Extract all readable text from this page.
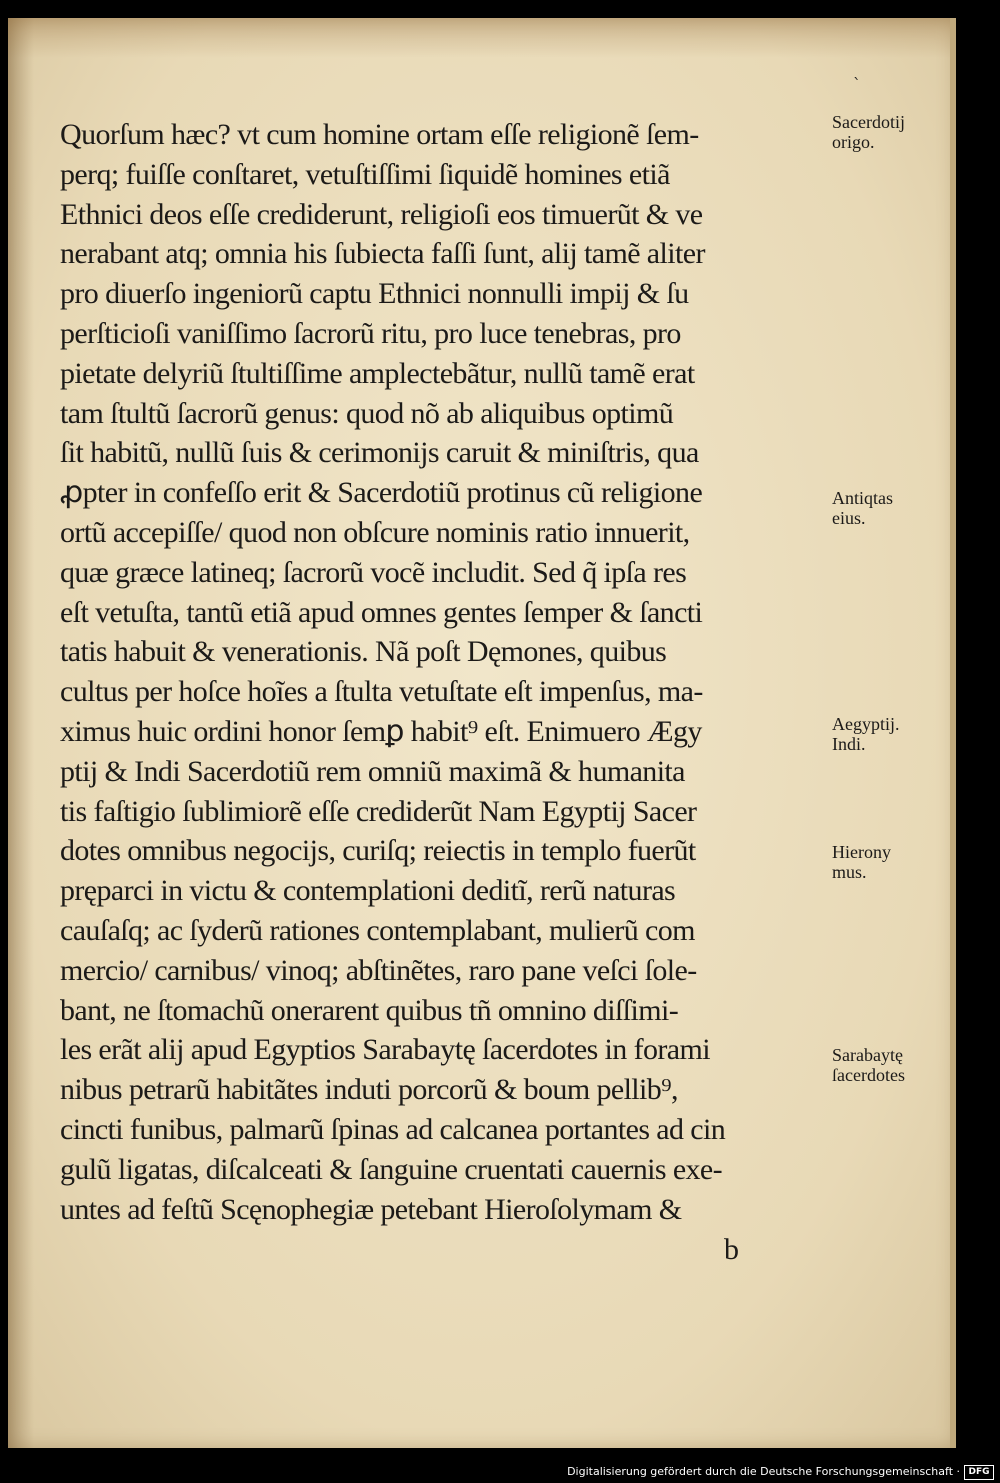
ˋ
Quorſum hæc? vt cum homine ortam eſſe religionẽ ſem-
perq; fuiſſe conſtaret, vetuſtiſſimi ſiquidẽ homines etiã
Ethnici deos eſſe crediderunt, religioſi eos timuerũt & ve
nerabant atq; omnia his ſubiecta faſſi ſunt, alij tamẽ aliter
pro diuerſo ingeniorũ captu Ethnici nonnulli impij & ſu
perſticioſi vaniſſimo ſacrorũ ritu, pro luce tenebras, pro
pietate delyriũ ſtultiſſime amplectebãtur, nullũ tamẽ erat
tam ſtultũ ſacrorũ genus: quod nõ ab aliquibus optimũ
ſit habitũ, nullũ ſuis & cerimonijs caruit & miniſtris, qua
ꝓpter in confeſſo erit & Sacerdotiũ protinus cũ religione
ortũ accepiſſe/ quod non obſcure nominis ratio innuerit,
quæ græce latineq; ſacrorũ vocẽ includit. Sed q̃ ipſa res
eſt vetuſta, tantũ etiã apud omnes gentes ſemper & ſancti
tatis habuit & venerationis. Nã poſt Dęmones, quibus
cultus per hoſce hoĩes a ſtulta vetuſtate eſt impenſus, ma-
ximus huic ordini honor ſemꝑ habit⁹ eſt. Enimuero Ægy
ptij & Indi Sacerdotiũ rem omniũ maximã & humanita
tis faſtigio ſublimiorẽ eſſe crediderũt Nam Egyptij Sacer
dotes omnibus negocijs, curiſq; reiectis in templo fuerũt
pręparci in victu & contemplationi deditĩ, rerũ naturas
cauſaſq; ac ſyderũ rationes contemplabant, mulierũ com
mercio/ carnibus/ vinoq; abſtinẽtes, raro pane veſci ſole-
bant, ne ſtomachũ onerarent quibus tñ omnino diſſimi-
les erãt alij apud Egyptios Sarabaytę ſacerdotes in forami
nibus petrarũ habitãtes induti porcorũ & boum pellib⁹,
cincti funibus, palmarũ ſpinas ad calcanea portantes ad cin
gulũ ligatas, diſcalceati & ſanguine cruentati cauernis exe-
untes ad feſtũ Scęnophegiæ petebant Hieroſolymam &
b
Sacerdotij
origo.
Antiqtas
eius.
Aegyptij.
Indi.
Hierony
mus.
Sarabaytę
ſacerdotes
Digitalisierung gefördert durch die Deutsche Forschungsgemeinschaft · DFG
